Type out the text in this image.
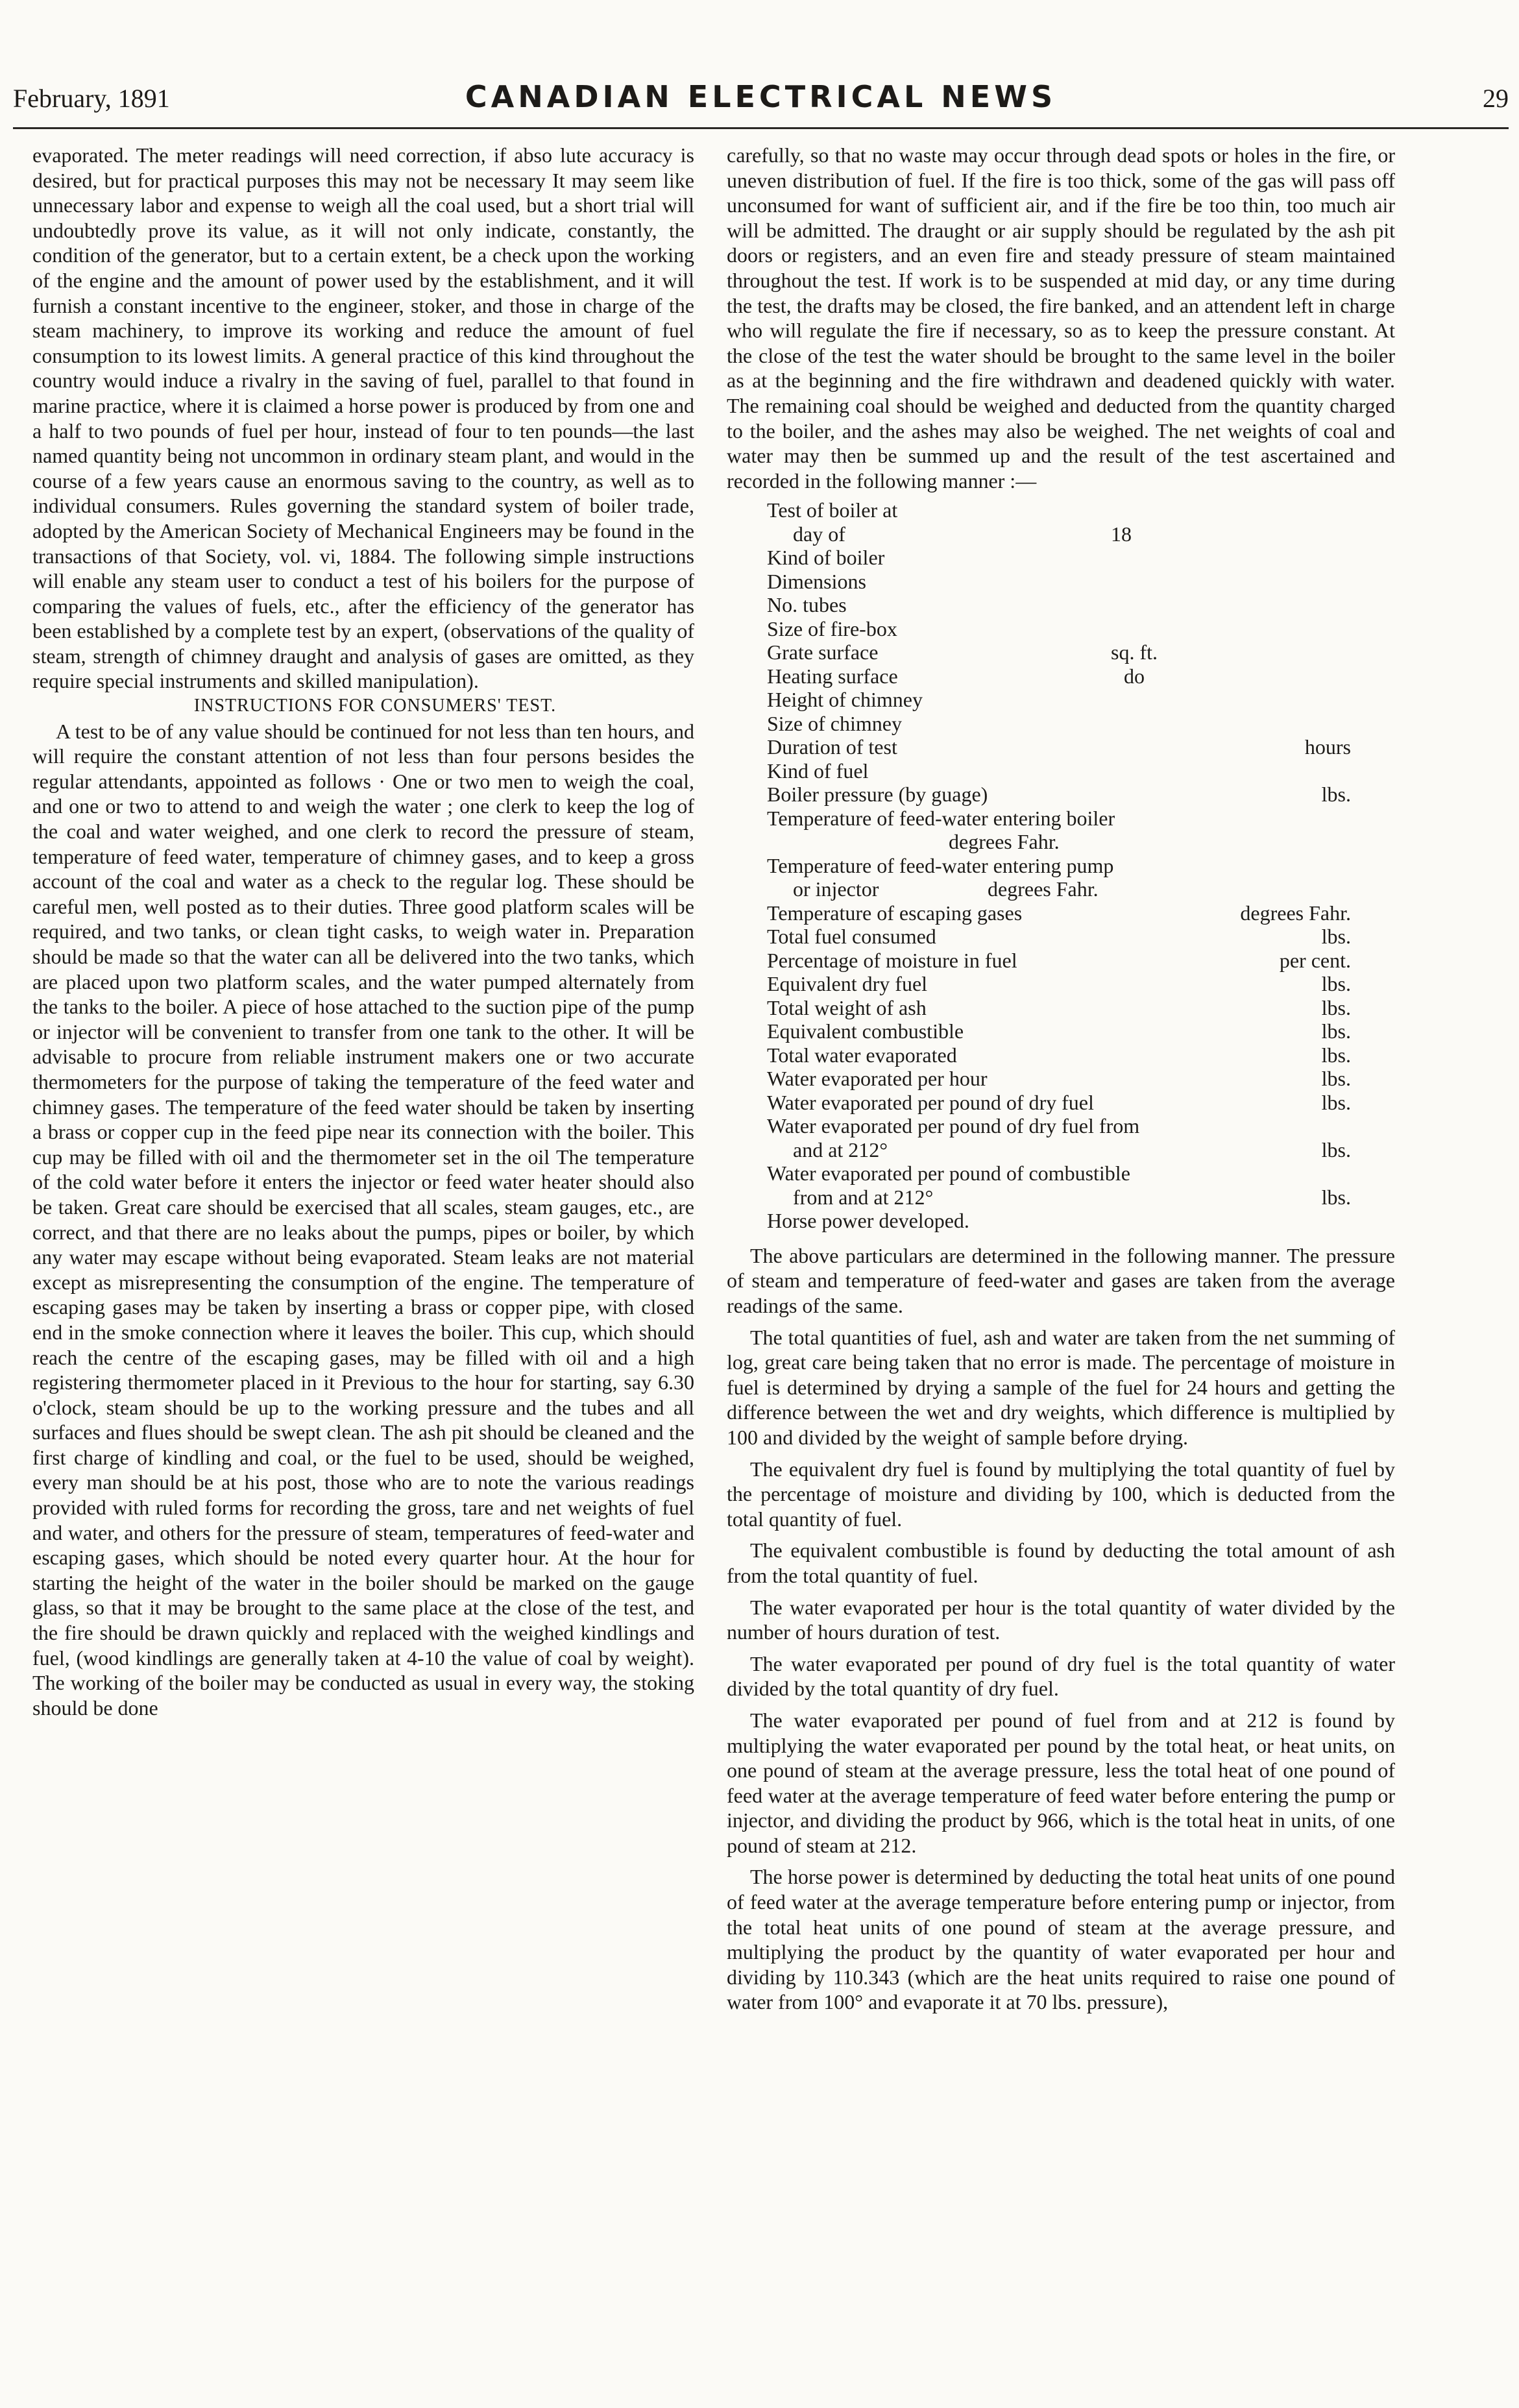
February, 1891	CANADIAN ELECTRICAL NEWS	29

evaporated. The meter readings will need correction, if abso lute accuracy is desired, but for practical purposes this may not be necessary It may seem like unnecessary labor and expense to weigh all the coal used, but a short trial will undoubtedly prove its value, as it will not only indicate, constantly, the condition of the generator, but to a certain extent, be a check upon the working of the engine and the amount of power used by the establishment, and it will furnish a constant incentive to the engineer, stoker, and those in charge of the steam machinery, to improve its working and reduce the amount of fuel consumption to its lowest limits. A general practice of this kind throughout the country would induce a rivalry in the saving of fuel, parallel to that found in marine practice, where it is claimed a horse power is produced by from one and a half to two pounds of fuel per hour, instead of four to ten pounds—the last named quantity being not uncommon in ordinary steam plant, and would in the course of a few years cause an enormous saving to the country, as well as to individual consumers. Rules governing the standard system of boiler trade, adopted by the American Society of Mechanical Engineers may be found in the transactions of that Society, vol. vi, 1884. The following simple instructions will enable any steam user to conduct a test of his boilers for the purpose of comparing the values of fuels, etc., after the efficiency of the generator has been established by a complete test by an expert, (observations of the quality of steam, strength of chimney draught and analysis of gases are omitted, as they require special instruments and skilled manipulation).

INSTRUCTIONS FOR CONSUMERS' TEST.

A test to be of any value should be continued for not less than ten hours, and will require the constant attention of not less than four persons besides the regular attendants, appointed as follows · One or two men to weigh the coal, and one or two to attend to and weigh the water ; one clerk to keep the log of the coal and water weighed, and one clerk to record the pressure of steam, temperature of feed water, temperature of chimney gases, and to keep a gross account of the coal and water as a check to the regular log. These should be careful men, well posted as to their duties. Three good platform scales will be required, and two tanks, or clean tight casks, to weigh water in. Preparation should be made so that the water can all be delivered into the two tanks, which are placed upon two platform scales, and the water pumped alternately from the tanks to the boiler. A piece of hose attached to the suction pipe of the pump or injector will be convenient to transfer from one tank to the other. It will be advisable to procure from reliable instrument makers one or two accurate thermometers for the purpose of taking the temperature of the feed water and chimney gases. The temperature of the feed water should be taken by inserting a brass or copper cup in the feed pipe near its connection with the boiler. This cup may be filled with oil and the thermometer set in the oil The temperature of the cold water before it enters the injector or feed water heater should also be taken. Great care should be exercised that all scales, steam gauges, etc., are correct, and that there are no leaks about the pumps, pipes or boiler, by which any water may escape without being evaporated. Steam leaks are not material except as misrepresenting the consumption of the engine. The temperature of escaping gases may be taken by inserting a brass or copper pipe, with closed end in the smoke connection where it leaves the boiler. This cup, which should reach the centre of the escaping gases, may be filled with oil and a high registering thermometer placed in it Previous to the hour for starting, say 6.30 o'clock, steam should be up to the working pressure and the tubes and all surfaces and flues should be swept clean. The ash pit should be cleaned and the first charge of kindling and coal, or the fuel to be used, should be weighed, every man should be at his post, those who are to note the various readings provided with ruled forms for recording the gross, tare and net weights of fuel and water, and others for the pressure of steam, temperatures of feed-water and escaping gases, which should be noted every quarter hour. At the hour for starting the height of the water in the boiler should be marked on the gauge glass, so that it may be brought to the same place at the close of the test, and the fire should be drawn quickly and replaced with the weighed kindlings and fuel, (wood kindlings are generally taken at 4-10 the value of coal by weight). The working of the boiler may be conducted as usual in every way, the stoking should be done

carefully, so that no waste may occur through dead spots or holes in the fire, or uneven distribution of fuel. If the fire is too thick, some of the gas will pass off unconsumed for want of sufficient air, and if the fire be too thin, too much air will be admitted. The draught or air supply should be regulated by the ash pit doors or registers, and an even fire and steady pressure of steam maintained throughout the test. If work is to be suspended at mid day, or any time during the test, the drafts may be closed, the fire banked, and an attendent left in charge who will regulate the fire if necessary, so as to keep the pressure constant. At the close of the test the water should be brought to the same level in the boiler as at the beginning and the fire withdrawn and deadened quickly with water. The remaining coal should be weighed and deducted from the quantity charged to the boiler, and the ashes may also be weighed. The net weights of coal and water may then be summed up and the result of the test ascertained and recorded in the following manner :—

Test of boiler at
day of	18
Kind of boiler
Dimensions
No. tubes
Size of fire-box
Grate surface	sq. ft.
Heating surface	do
Height of chimney
Size of chimney
Duration of test	hours
Kind of fuel
Boiler pressure (by guage)	lbs.
Temperature of feed-water entering boiler
degrees Fahr.
Temperature of feed-water entering pump
or injector	degrees Fahr.
Temperature of escaping gases	degrees Fahr.
Total fuel consumed	lbs.
Percentage of moisture in fuel	per cent.
Equivalent dry fuel	lbs.
Total weight of ash	lbs.
Equivalent combustible	lbs.
Total water evaporated	lbs.
Water evaporated per hour	lbs.
Water evaporated per pound of dry fuel	lbs.
Water evaporated per pound of dry fuel from
and at 212°	lbs.
Water evaporated per pound of combustible
from and at 212°	lbs.
Horse power developed.

The above particulars are determined in the following manner. The pressure of steam and temperature of feed-water and gases are taken from the average readings of the same.

The total quantities of fuel, ash and water are taken from the net summing of log, great care being taken that no error is made. The percentage of moisture in fuel is determined by drying a sample of the fuel for 24 hours and getting the difference between the wet and dry weights, which difference is multiplied by 100 and divided by the weight of sample before drying.

The equivalent dry fuel is found by multiplying the total quantity of fuel by the percentage of moisture and dividing by 100, which is deducted from the total quantity of fuel.

The equivalent combustible is found by deducting the total amount of ash from the total quantity of fuel.

The water evaporated per hour is the total quantity of water divided by the number of hours duration of test.

The water evaporated per pound of dry fuel is the total quantity of water divided by the total quantity of dry fuel.

The water evaporated per pound of fuel from and at 212 is found by multiplying the water evaporated per pound by the total heat, or heat units, on one pound of steam at the average pressure, less the total heat of one pound of feed water at the average temperature of feed water before entering the pump or injector, and dividing the product by 966, which is the total heat in units, of one pound of steam at 212.

The horse power is determined by deducting the total heat units of one pound of feed water at the average temperature before entering pump or injector, from the total heat units of one pound of steam at the average pressure, and multiplying the product by the quantity of water evaporated per hour and dividing by 110.343 (which are the heat units required to raise one pound of water from 100° and evaporate it at 70 lbs. pressure),
